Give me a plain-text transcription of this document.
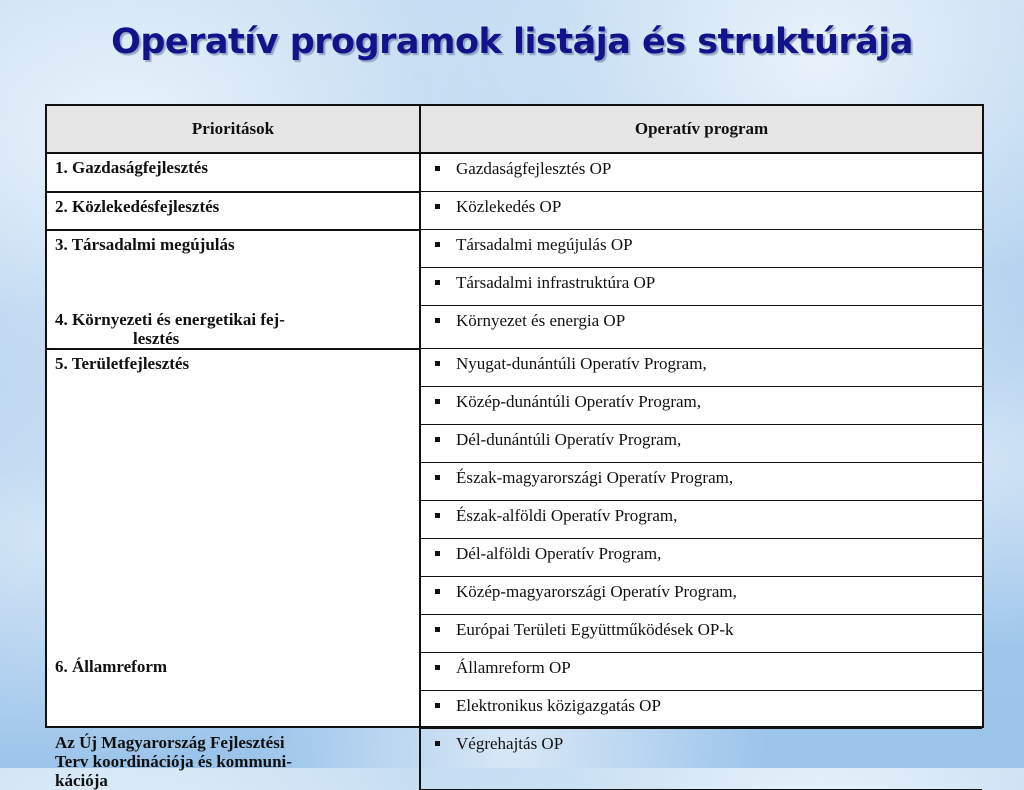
Operatív programok listája és struktúrája
Prioritások	Operatív program

1. Gazdaságfejlesztés	Gazdaságfejlesztés OP

2. Közlekedésfejlesztés	Közlekedés OP

3. Társadalmi megújulás	Társadalmi megújulás OP
	Társadalmi infrastruktúra OP

4. Környezeti és energetikai fej-
lesztés	Környezet és energia OP

5. Területfejlesztés	Nyugat-dunántúli Operatív Program,
	Közép-dunántúli Operatív Program,
	Dél-dunántúli Operatív Program,
	Észak-magyarországi Operatív Program,
	Észak-alföldi Operatív Program,
	Dél-alföldi Operatív Program,
	Közép-magyarországi Operatív Program,
	Európai Területi Együttműködések OP-k

6. Államreform	Államreform OP
	Elektronikus közigazgatás OP

Az Új Magyarország Fejlesztési
Terv koordinációja és kommuni-
kációja	Végrehajtás OP
